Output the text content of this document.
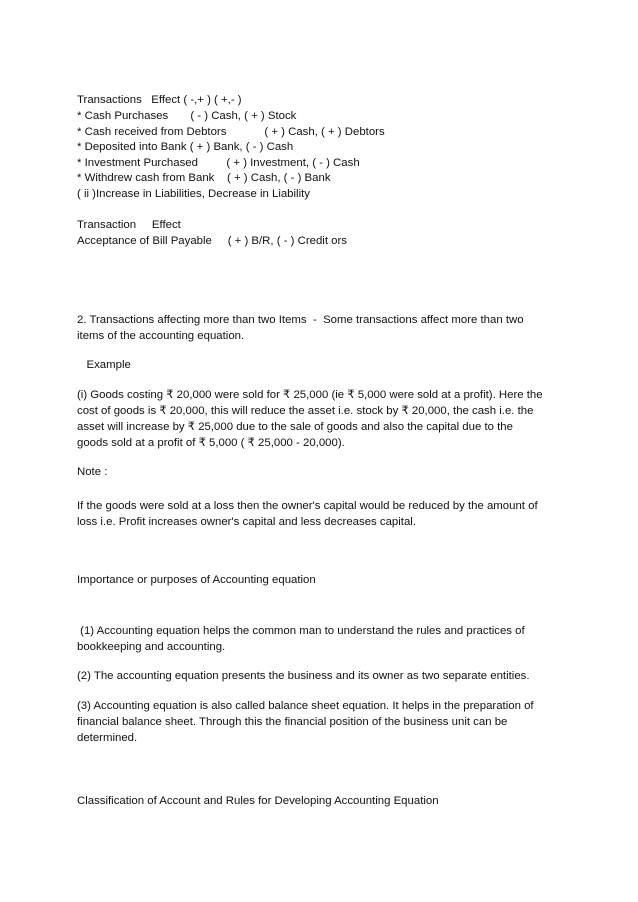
Transactions   Effect ( -,+ ) ( +,- )
* Cash Purchases       ( - ) Cash, ( + ) Stock
* Cash received from Debtors            ( + ) Cash, ( + ) Debtors
* Deposited into Bank ( + ) Bank, ( - ) Cash
* Investment Purchased         ( + ) Investment, ( - ) Cash
* Withdrew cash from Bank    ( + ) Cash, ( - ) Bank
( ii )Increase in Liabilities, Decrease in Liability
Transaction     Effect
Acceptance of Bill Payable     ( + ) B/R, ( - ) Credit ors
2. Transactions affecting more than two Items  -  Some transactions affect more than two
items of the accounting equation.
Example
(i) Goods costing ₹ 20,000 were sold for ₹ 25,000 (ie ₹ 5,000 were sold at a profit). Here the
cost of goods is ₹ 20,000, this will reduce the asset i.e. stock by ₹ 20,000, the cash i.e. the
asset will increase by ₹ 25,000 due to the sale of goods and also the capital due to the
goods sold at a profit of ₹ 5,000 ( ₹ 25,000 - 20,000).
Note :
If the goods were sold at a loss then the owner's capital would be reduced by the amount of
loss i.e. Profit increases owner's capital and less decreases capital.
Importance or purposes of Accounting equation
(1) Accounting equation helps the common man to understand the rules and practices of
bookkeeping and accounting.
(2) The accounting equation presents the business and its owner as two separate entities.
(3) Accounting equation is also called balance sheet equation. It helps in the preparation of
financial balance sheet. Through this the financial position of the business unit can be
determined.
Classification of Account and Rules for Developing Accounting Equation
